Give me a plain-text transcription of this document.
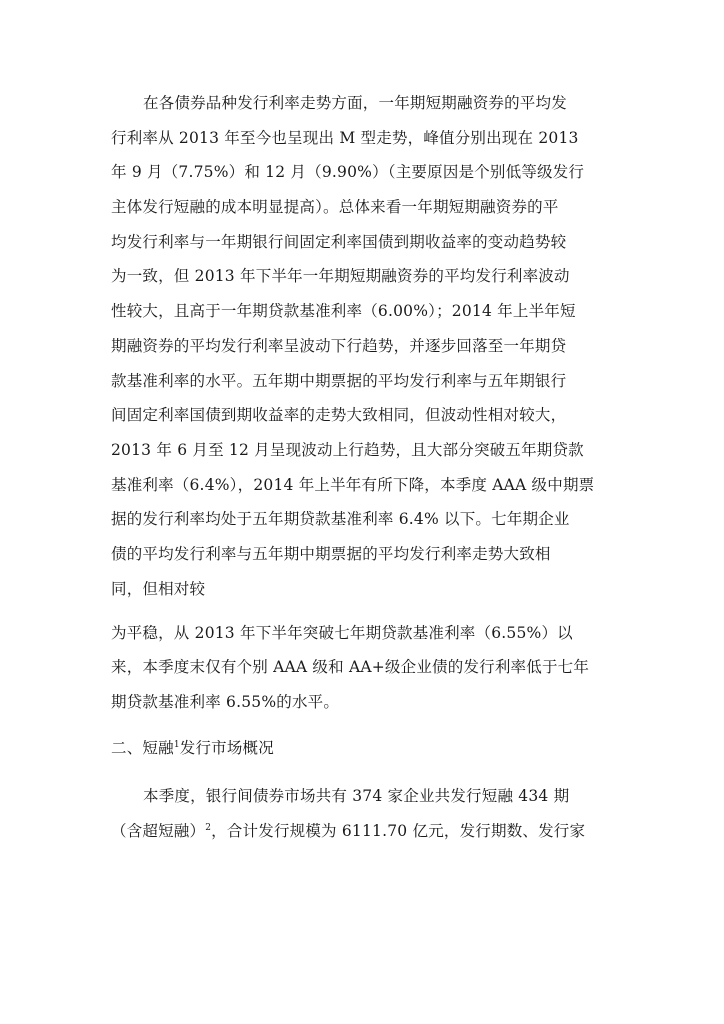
在各债券品种发行利率走势方面，一年期短期融资券的平均发
行利率从 2013 年至今也呈现出 M 型走势，峰值分别出现在 2013
年 9 月（7.75%）和 12 月（9.90%）（主要原因是个别低等级发行
主体发行短融的成本明显提高）。总体来看一年期短期融资券的平
均发行利率与一年期银行间固定利率国债到期收益率的变动趋势较
为一致，但 2013 年下半年一年期短期融资券的平均发行利率波动
性较大，且高于一年期贷款基准利率（6.00%）；2014 年上半年短
期融资券的平均发行利率呈波动下行趋势，并逐步回落至一年期贷
款基准利率的水平。五年期中期票据的平均发行利率与五年期银行
间固定利率国债到期收益率的走势大致相同，但波动性相对较大，
2013 年 6 月至 12 月呈现波动上行趋势，且大部分突破五年期贷款
基准利率（6.4%），2014 年上半年有所下降，本季度 AAA 级中期票
据的发行利率均处于五年期贷款基准利率 6.4% 以下。七年期企业
债的平均发行利率与五年期中期票据的平均发行利率走势大致相
同，但相对较
为平稳，从 2013 年下半年突破七年期贷款基准利率（6.55%）以
来，本季度末仅有个别 AAA 级和 AA+级企业债的发行利率低于七年
期贷款基准利率 6.55%的水平。
二、短融$^1$发行市场概况
本季度，银行间债券市场共有 374 家企业共发行短融 434 期
（含超短融）$^2$，合计发行规模为 6111.70 亿元，发行期数、发行家
